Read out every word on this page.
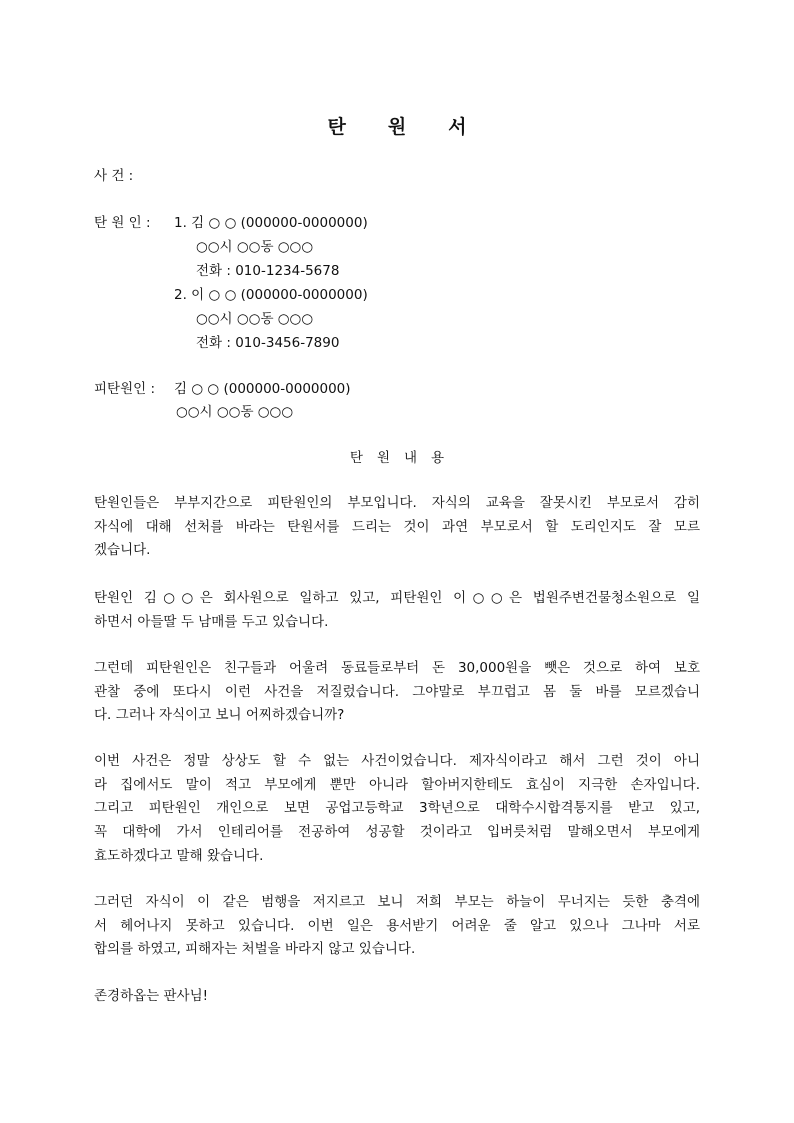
탄 원 서
사 건 :
탄 원 인 : 1. 김 ○ ○ (000000-0000000)
○○시 ○○동 ○○○
전화 : 010-1234-5678
2. 이 ○ ○ (000000-0000000)
○○시 ○○동 ○○○
전화 : 010-3456-7890
피탄원인 : 김 ○ ○ (000000-0000000)
○○시 ○○동 ○○○
탄 원 내 용
탄원인들은 부부지간으로 피탄원인의 부모입니다. 자식의 교육을 잘못시킨 부모로서 감히
자식에 대해 선처를 바라는 탄원서를 드리는 것이 과연 부모로서 할 도리인지도 잘 모르
겠습니다.
탄원인 김○○은 회사원으로 일하고 있고, 피탄원인 이○○은 법원주변건물청소원으로 일
하면서 아들딸 두 남매를 두고 있습니다.
그런데 피탄원인은 친구들과 어울려 동료들로부터 돈 30,000원을 뺏은 것으로 하여 보호
관찰 중에 또다시 이런 사건을 저질렀습니다. 그야말로 부끄럽고 몸 둘 바를 모르겠습니
다. 그러나 자식이고 보니 어찌하겠습니까?
이번 사건은 정말 상상도 할 수 없는 사건이었습니다. 제자식이라고 해서 그런 것이 아니
라 집에서도 말이 적고 부모에게 뿐만 아니라 할아버지한테도 효심이 지극한 손자입니다.
그리고 피탄원인 개인으로 보면 공업고등학교 3학년으로 대학수시합격통지를 받고 있고,
꼭 대학에 가서 인테리어를 전공하여 성공할 것이라고 입버릇처럼 말해오면서 부모에게
효도하겠다고 말해 왔습니다.
그러던 자식이 이 같은 범행을 저지르고 보니 저희 부모는 하늘이 무너지는 듯한 충격에
서 헤어나지 못하고 있습니다. 이번 일은 용서받기 어려운 줄 알고 있으나 그나마 서로
합의를 하였고, 피해자는 처벌을 바라지 않고 있습니다.
존경하옵는 판사님!
